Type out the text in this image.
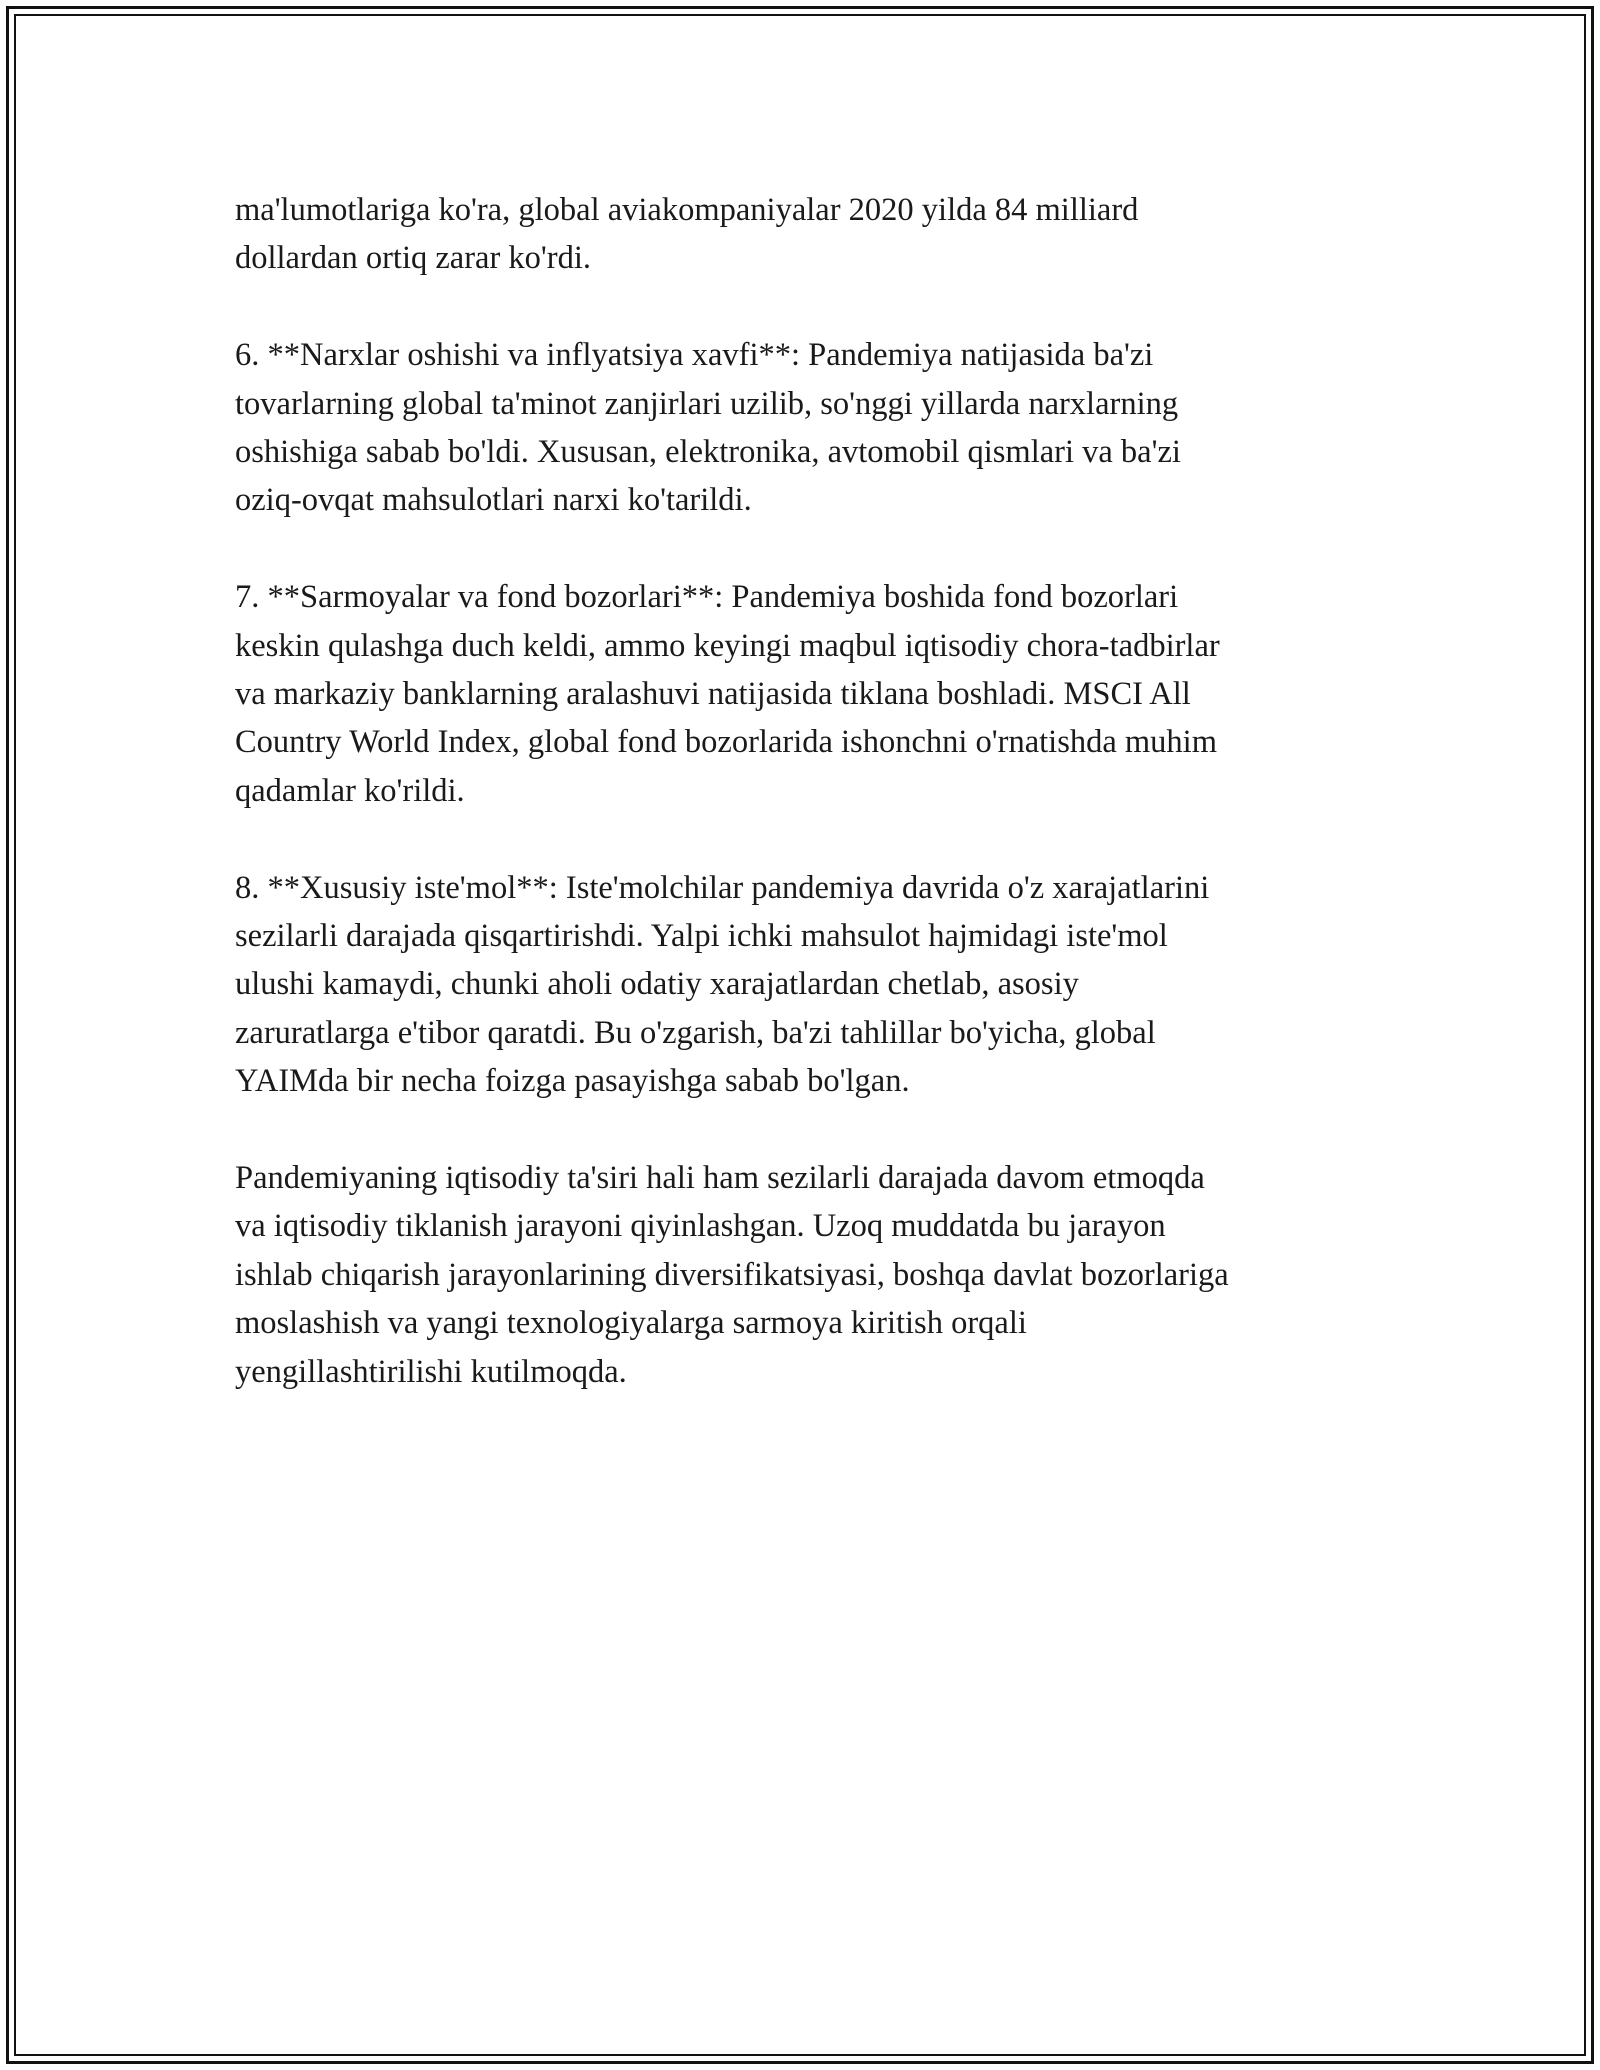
ma'lumotlariga ko'ra, global aviakompaniyalar 2020 yilda 84 milliard
dollardan ortiq zarar ko'rdi.

6. **Narxlar oshishi va inflyatsiya xavfi**: Pandemiya natijasida ba'zi
tovarlarning global ta'minot zanjirlari uzilib, so'nggi yillarda narxlarning
oshishiga sabab bo'ldi. Xususan, elektronika, avtomobil qismlari va ba'zi
oziq-ovqat mahsulotlari narxi ko'tarildi.

7. **Sarmoyalar va fond bozorlari**: Pandemiya boshida fond bozorlari
keskin qulashga duch keldi, ammo keyingi maqbul iqtisodiy chora-tadbirlar
va markaziy banklarning aralashuvi natijasida tiklana boshladi. MSCI All
Country World Index, global fond bozorlarida ishonchni o'rnatishda muhim
qadamlar ko'rildi.

8. **Xususiy iste'mol**: Iste'molchilar pandemiya davrida o'z xarajatlarini
sezilarli darajada qisqartirishdi. Yalpi ichki mahsulot hajmidagi iste'mol
ulushi kamaydi, chunki aholi odatiy xarajatlardan chetlab, asosiy
zaruratlarga e'tibor qaratdi. Bu o'zgarish, ba'zi tahlillar bo'yicha, global
YAIMda bir necha foizga pasayishga sabab bo'lgan.

Pandemiyaning iqtisodiy ta'siri hali ham sezilarli darajada davom etmoqda
va iqtisodiy tiklanish jarayoni qiyinlashgan. Uzoq muddatda bu jarayon
ishlab chiqarish jarayonlarining diversifikatsiyasi, boshqa davlat bozorlariga
moslashish va yangi texnologiyalarga sarmoya kiritish orqali
yengillashtirilishi kutilmoqda.
